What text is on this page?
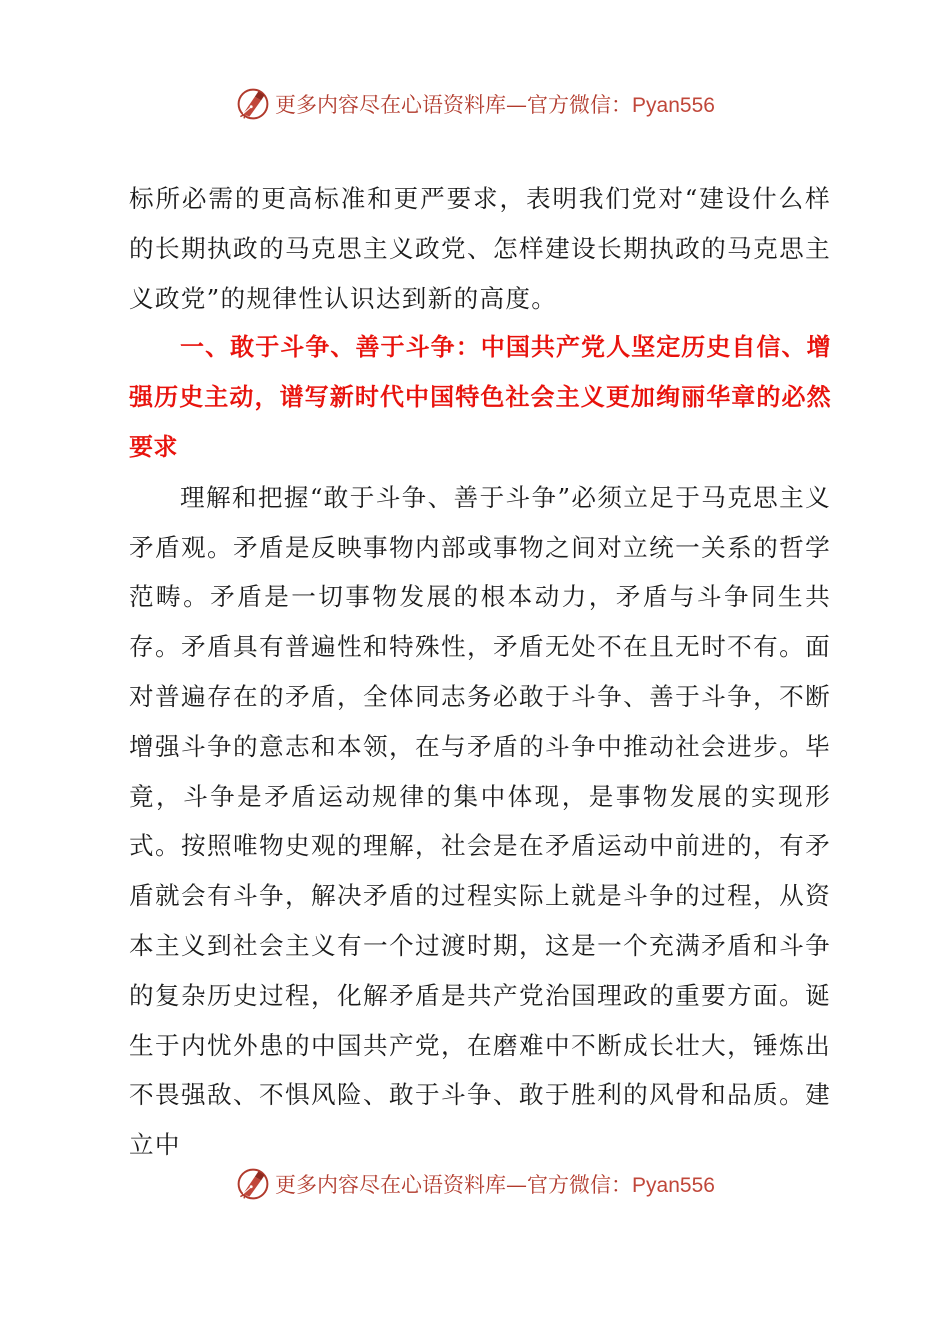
更多内容尽在心语资料库—官方微信：Pyan556

标所必需的更高标准和更严要求，表明我们党对“建设什么样的长期执政的马克思主义政党、怎样建设长期执政的马克思主义政党”的规律性认识达到新的高度。

一、敢于斗争、善于斗争：中国共产党人坚定历史自信、增强历史主动，谱写新时代中国特色社会主义更加绚丽华章的必然要求

理解和把握“敢于斗争、善于斗争”必须立足于马克思主义矛盾观。矛盾是反映事物内部或事物之间对立统一关系的哲学范畴。矛盾是一切事物发展的根本动力，矛盾与斗争同生共存。矛盾具有普遍性和特殊性，矛盾无处不在且无时不有。面对普遍存在的矛盾，全体同志务必敢于斗争、善于斗争，不断增强斗争的意志和本领，在与矛盾的斗争中推动社会进步。毕竟，斗争是矛盾运动规律的集中体现，是事物发展的实现形式。按照唯物史观的理解，社会是在矛盾运动中前进的，有矛盾就会有斗争，解决矛盾的过程实际上就是斗争的过程，从资本主义到社会主义有一个过渡时期，这是一个充满矛盾和斗争的复杂历史过程，化解矛盾是共产党治国理政的重要方面。诞生于内忧外患的中国共产党，在磨难中不断成长壮大，锤炼出不畏强敌、不惧风险、敢于斗争、敢于胜利的风骨和品质。建立中

更多内容尽在心语资料库—官方微信：Pyan556
